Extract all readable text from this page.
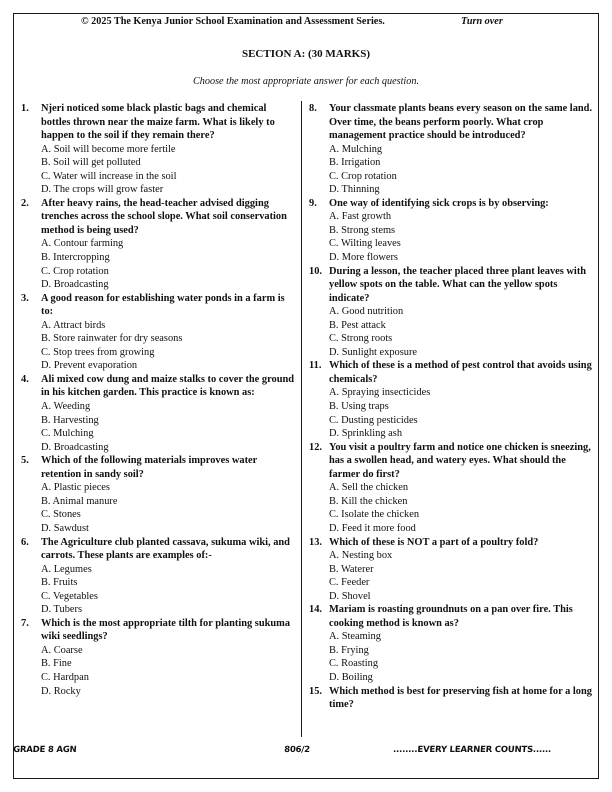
© 2025 The Kenya Junior School Examination and Assessment Series.	Turn over
SECTION A: (30 MARKS)
Choose the most appropriate answer for each question.
1. Njeri noticed some black plastic bags and chemical bottles thrown near the maize farm. What is likely to happen to the soil if they remain there?
A. Soil will become more fertile
B. Soil will get polluted
C. Water will increase in the soil
D. The crops will grow faster
2. After heavy rains, the head-teacher advised digging trenches across the school slope. What soil conservation method is being used?
A. Contour farming
B. Intercropping
C. Crop rotation
D. Broadcasting
3. A good reason for establishing water ponds in a farm is to:
A. Attract birds
B. Store rainwater for dry seasons
C. Stop trees from growing
D. Prevent evaporation
4. Ali mixed cow dung and maize stalks to cover the ground in his kitchen garden. This practice is known as:
A. Weeding
B. Harvesting
C. Mulching
D. Broadcasting
5. Which of the following materials improves water retention in sandy soil?
A. Plastic pieces
B. Animal manure
C. Stones
D. Sawdust
6. The Agriculture club planted cassava, sukuma wiki, and carrots. These plants are examples of:-
A. Legumes
B. Fruits
C. Vegetables
D. Tubers
7. Which is the most appropriate tilth for planting sukuma wiki seedlings?
A. Coarse
B. Fine
C. Hardpan
D. Rocky
8. Your classmate plants beans every season on the same land. Over time, the beans perform poorly. What crop management practice should be introduced?
A. Mulching
B. Irrigation
C. Crop rotation
D. Thinning
9. One way of identifying sick crops is by observing:
A. Fast growth
B. Strong stems
C. Wilting leaves
D. More flowers
10. During a lesson, the teacher placed three plant leaves with yellow spots on the table. What can the yellow spots indicate?
A. Good nutrition
B. Pest attack
C. Strong roots
D. Sunlight exposure
11. Which of these is a method of pest control that avoids using chemicals?
A. Spraying insecticides
B. Using traps
C. Dusting pesticides
D. Sprinkling ash
12. You visit a poultry farm and notice one chicken is sneezing, has a swollen head, and watery eyes. What should the farmer do first?
A. Sell the chicken
B. Kill the chicken
C. Isolate the chicken
D. Feed it more food
13. Which of these is NOT a part of a poultry fold?
A. Nesting box
B. Waterer
C. Feeder
D. Shovel
14. Mariam is roasting groundnuts on a pan over fire. This cooking method is known as?
A. Steaming
B. Frying
C. Roasting
D. Boiling
15. Which method is best for preserving fish at home for a long time?
GRADE 8 AGN	806/2	........EVERY LEARNER COUNTS......
